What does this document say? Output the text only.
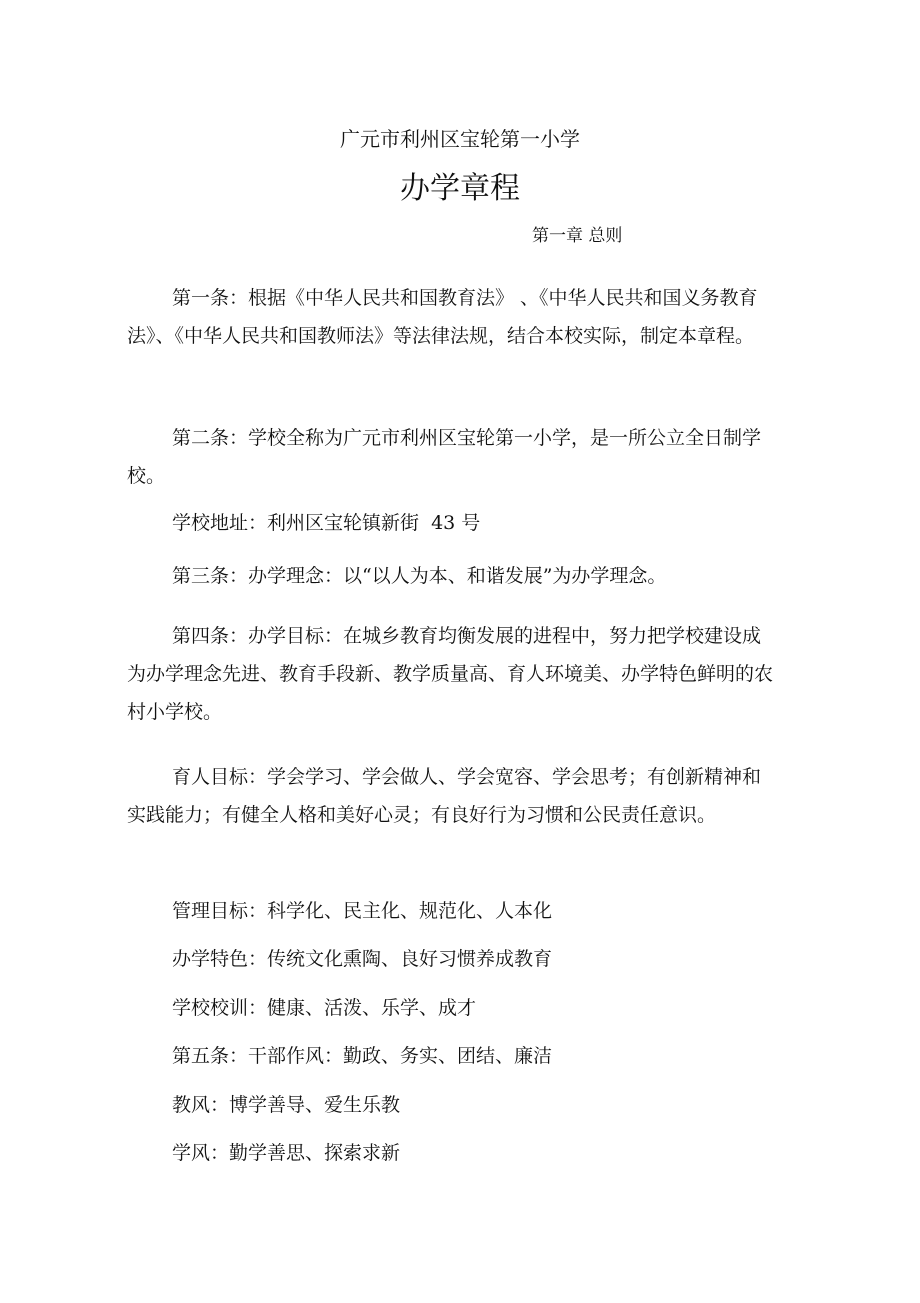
广元市利州区宝轮第一小学
办学章程
第一章 总则

第一条：根据《中华人民共和国教育法》 、《中华人民共和国义务教育法》、《中华人民共和国教师法》等法律法规，结合本校实际，制定本章程。

第二条：学校全称为广元市利州区宝轮第一小学，是一所公立全日制学校。

学校地址：利州区宝轮镇新街  43 号

第三条：办学理念：以“以人为本、和谐发展”为办学理念。

第四条：办学目标：在城乡教育均衡发展的进程中，努力把学校建设成为办学理念先进、教育手段新、教学质量高、育人环境美、办学特色鲜明的农村小学校。

育人目标：学会学习、学会做人、学会宽容、学会思考；有创新精神和实践能力；有健全人格和美好心灵；有良好行为习惯和公民责任意识。

管理目标：科学化、民主化、规范化、人本化

办学特色：传统文化熏陶、良好习惯养成教育

学校校训：健康、活泼、乐学、成才

第五条：干部作风：勤政、务实、团结、廉洁

教风：博学善导、爱生乐教

学风：勤学善思、探索求新
